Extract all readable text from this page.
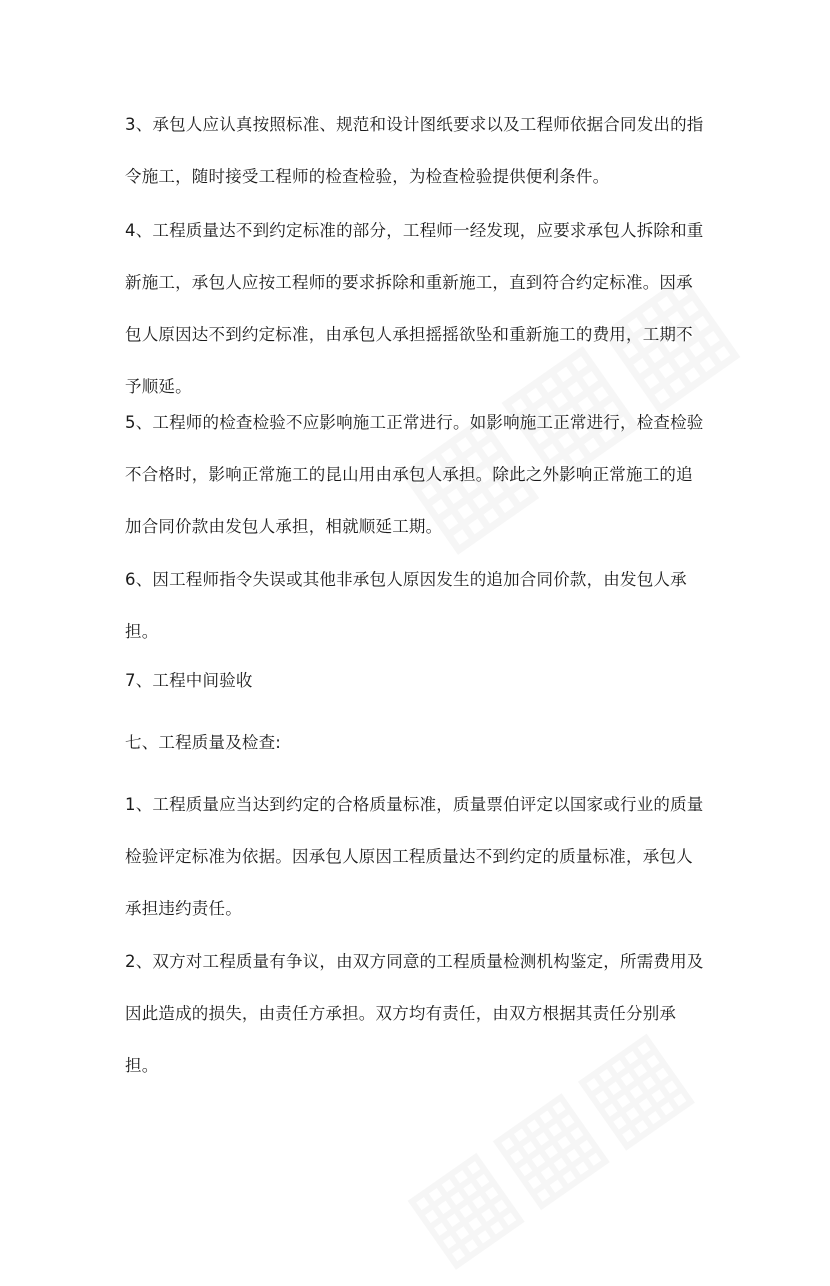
3、承包人应认真按照标准、规范和设计图纸要求以及工程师依据合同发出的指
令施工，随时接受工程师的检查检验，为检查检验提供便利条件。
4、工程质量达不到约定标准的部分，工程师一经发现，应要求承包人拆除和重
新施工，承包人应按工程师的要求拆除和重新施工，直到符合约定标准。因承
包人原因达不到约定标准，由承包人承担摇摇欲坠和重新施工的费用，工期不
予顺延。
5、工程师的检查检验不应影响施工正常进行。如影响施工正常进行，检查检验
不合格时，影响正常施工的昆山用由承包人承担。除此之外影响正常施工的追
加合同价款由发包人承担，相就顺延工期。
6、因工程师指令失误或其他非承包人原因发生的追加合同价款，由发包人承
担。
7、工程中间验收
七、工程质量及检查:
1、工程质量应当达到约定的合格质量标准，质量票伯评定以国家或行业的质量
检验评定标准为依据。因承包人原因工程质量达不到约定的质量标准，承包人
承担违约责任。
2、双方对工程质量有争议，由双方同意的工程质量检测机构鉴定，所需费用及
因此造成的损失，由责任方承担。双方均有责任，由双方根据其责任分别承
担。
